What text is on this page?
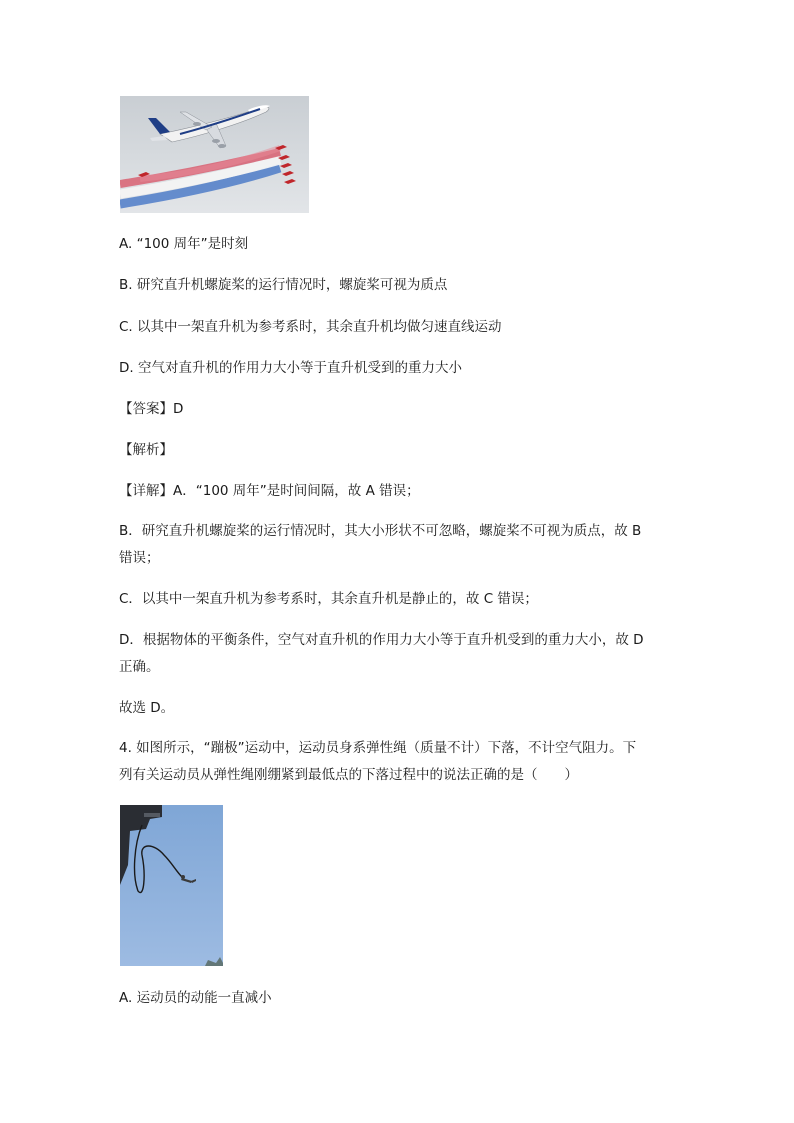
A. “100 周年”是时刻
B. 研究直升机螺旋桨的运行情况时，螺旋桨可视为质点
C. 以其中一架直升机为参考系时，其余直升机均做匀速直线运动
D. 空气对直升机的作用力大小等于直升机受到的重力大小
【答案】D
【解析】
【详解】A．“100 周年”是时间间隔，故 A 错误；
B．研究直升机螺旋桨的运行情况时，其大小形状不可忽略，螺旋桨不可视为质点，故 B
错误；
C．以其中一架直升机为参考系时，其余直升机是静止的，故 C 错误；
D．根据物体的平衡条件，空气对直升机的作用力大小等于直升机受到的重力大小，故 D
正确。
故选 D。
4. 如图所示，“蹦极”运动中，运动员身系弹性绳（质量不计）下落，不计空气阻力。下
列有关运动员从弹性绳刚绷紧到最低点的下落过程中的说法正确的是（　　）
A. 运动员的动能一直减小
